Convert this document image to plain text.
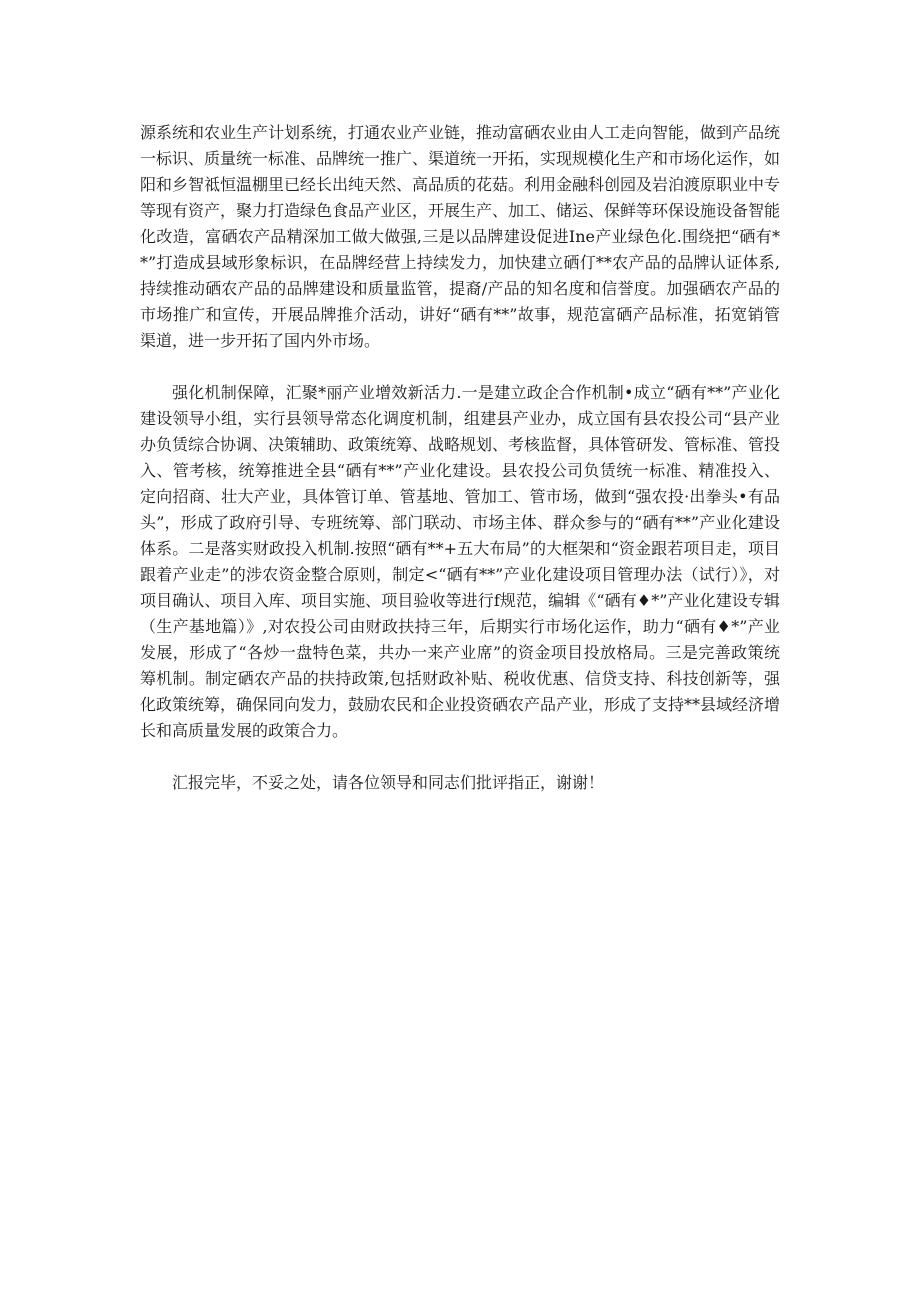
源系统和农业生产计划系统，打通农业产业链，推动富硒农业由人工走向智能，做到产品统一标识、质量统一标准、品牌统一推广、渠道统一开拓，实现规模化生产和市场化运作，如阳和乡智祗恒温棚里已经长出纯天然、高品质的花菇。利用金融科创园及岩泊渡原职业中专等现有资产，聚力打造绿色食品产业区，开展生产、加工、储运、保鲜等环保设施设备智能化改造，富硒农产品精深加工做大做强,三是以品牌建设促进Ine产业绿色化.围绕把“硒有**”打造成县域形象标识，在品牌经营上持续发力，加快建立硒仃**农产品的品牌认证体系,持续推动硒农产品的品牌建设和质量监管，提裔/产品的知名度和信誉度。加强硒农产品的市场推广和宣传，开展品牌推介活动，讲好“硒有**”故事，规范富硒产品标准，拓宽销管渠道，进一步开拓了国内外市场。

强化机制保障，汇聚*丽产业增效新活力.一是建立政企合作机制•成立“硒有**”产业化建设领导小组，实行县领导常态化调度机制，组建县产业办，成立国有县农投公司“县产业办负赁综合协调、决策辅助、政策统筹、战略规划、考核监督，具体管研发、管标准、管投入、管考核，统筹推进全县“硒有**”产业化建设。县农投公司负赁统一标准、精准投入、定向招商、壮大产业，具体管订单、管基地、管加工、管市场，做到“强农投·出拳头•有品头”，形成了政府引导、专班统筹、部门联动、市场主体、群众参与的“硒有**”产业化建设体系。二是落实财政投入机制.按照“硒有**+五大布局”的大框架和“资金跟若项目走，项目跟着产业走”的涉农资金整合原则，制定<“硒有**”产业化建设项目管理办法（试行）》，对项目确认、项目入库、项目实施、项目验收等进行f规范，编辑《“硒有♦*”产业化建设专辑（生产基地篇）》,对农投公司由财政扶持三年，后期实行市场化运作，助力“硒有♦*”产业发展，形成了“各炒一盘特色菜，共办一来产业席”的资金项目投放格局。三是完善政策统筹机制。制定硒农产品的扶持政策,包括财政补贴、税收优惠、信贷支持、科技创新等，强化政策统筹，确保同向发力，鼓励农民和企业投资硒农产品产业，形成了支持**县域经济增长和高质量发展的政策合力。

汇报完毕，不妥之处，请各位领导和同志们批评指正，谢谢！
